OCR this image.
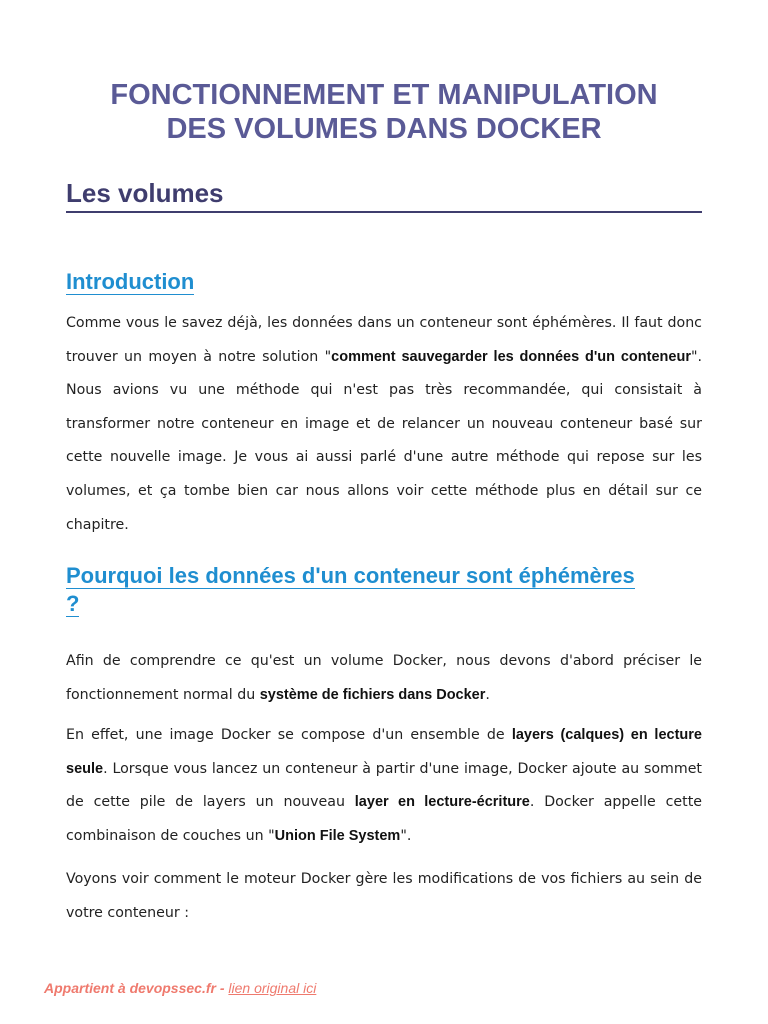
FONCTIONNEMENT ET MANIPULATION
DES VOLUMES DANS DOCKER
Les volumes
Introduction

Comme vous le savez déjà, les données dans un conteneur sont éphémères. Il faut donc trouver un moyen à notre solution "comment sauvegarder les données d'un conteneur". Nous avions vu une méthode qui n'est pas très recommandée, qui consistait à transformer notre conteneur en image et de relancer un nouveau conteneur basé sur cette nouvelle image. Je vous ai aussi parlé d'une autre méthode qui repose sur les volumes, et ça tombe bien car nous allons voir cette méthode plus en détail sur ce chapitre.

Pourquoi les données d'un conteneur sont éphémères
?

Afin de comprendre ce qu'est un volume Docker, nous devons d'abord préciser le fonctionnement normal du système de fichiers dans Docker.

En effet, une image Docker se compose d'un ensemble de layers (calques) en lecture seule. Lorsque vous lancez un conteneur à partir d'une image, Docker ajoute au sommet de cette pile de layers un nouveau layer en lecture-écriture. Docker appelle cette combinaison de couches un "Union File System".

Voyons voir comment le moteur Docker gère les modifications de vos fichiers au sein de votre conteneur :

Appartient à devopssec.fr - lien original ici
